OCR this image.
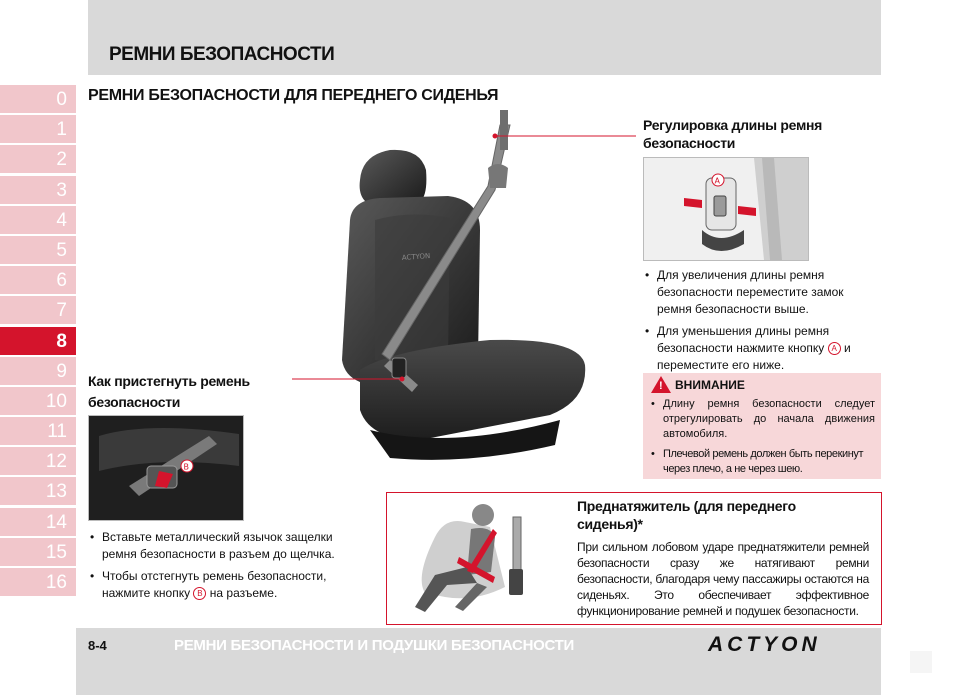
РЕМНИ БЕЗОПАСНОСТИ
0
1
2
3
4
5
6
7
8
9
10
11
12
13
14
15
16
РЕМНИ БЕЗОПАСНОСТИ ДЛЯ ПЕРЕДНЕГО СИДЕНЬЯ
ACTYON
Регулировка длины ремня
безопасности
A
• Для увеличения длины ремня безопасности переместите замок ремня безопасности выше.
• Для уменьшения длины ремня безопасности нажмите кнопку A и переместите его ниже.
! ВНИМАНИЕ
• Длину ремня безопасности следует отрегулировать до начала движения автомобиля.
• Плечевой ремень должен быть перекинут через плечо, а не через шею.
Как пристегнуть ремень
безопасности
B
• Вставьте металлический язычок защелки ремня безопасности в разъем до щелчка.
• Чтобы отстегнуть ремень безопасности, нажмите кнопку B на разъеме.
Преднатяжитель (для переднего
сиденья)*
При сильном лобовом ударе преднатяжители ремней безопасности сразу же натягивают ремни безопасности, благодаря чему пассажиры остаются на сиденьях. Это обеспечивает эффективное функционирование ремней и подушек безопасности.
8-4	РЕМНИ БЕЗОПАСНОСТИ И ПОДУШКИ БЕЗОПАСНОСТИ	ACTYON
